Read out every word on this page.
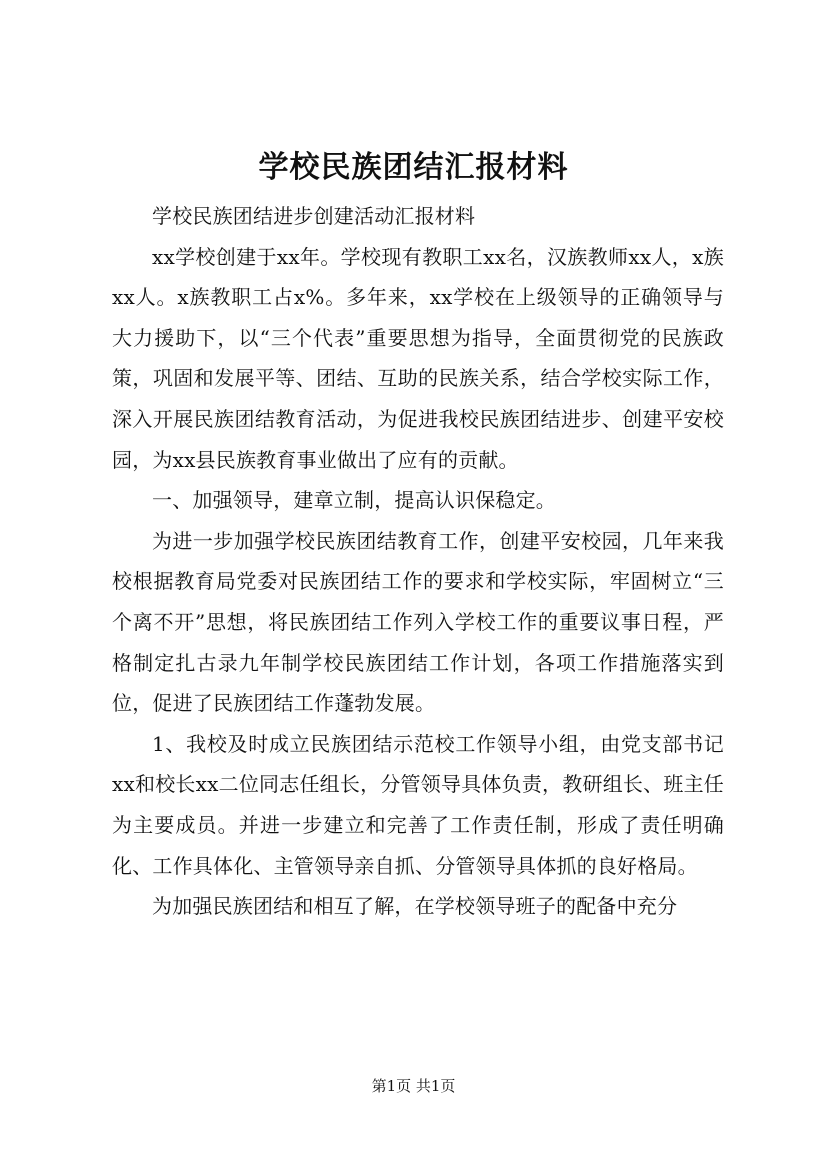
学校民族团结汇报材料

学校民族团结进步创建活动汇报材料

xx学校创建于xx年。学校现有教职工xx名，汉族教师xx人，x族xx人。x族教职工占x%。多年来，xx学校在上级领导的正确领导与大力援助下，以“三个代表”重要思想为指导，全面贯彻党的民族政策，巩固和发展平等、团结、互助的民族关系，结合学校实际工作，深入开展民族团结教育活动，为促进我校民族团结进步、创建平安校园，为xx县民族教育事业做出了应有的贡献。

一、加强领导，建章立制，提高认识保稳定。

为进一步加强学校民族团结教育工作，创建平安校园，几年来我校根据教育局党委对民族团结工作的要求和学校实际，牢固树立“三个离不开”思想，将民族团结工作列入学校工作的重要议事日程，严格制定扎古录九年制学校民族团结工作计划，各项工作措施落实到位，促进了民族团结工作蓬勃发展。

1、我校及时成立民族团结示范校工作领导小组，由党支部书记xx和校长xx二位同志任组长，分管领导具体负责，教研组长、班主任为主要成员。并进一步建立和完善了工作责任制，形成了责任明确化、工作具体化、主管领导亲自抓、分管领导具体抓的良好格局。

为加强民族团结和相互了解，在学校领导班子的配备中充分

第1页 共1页
